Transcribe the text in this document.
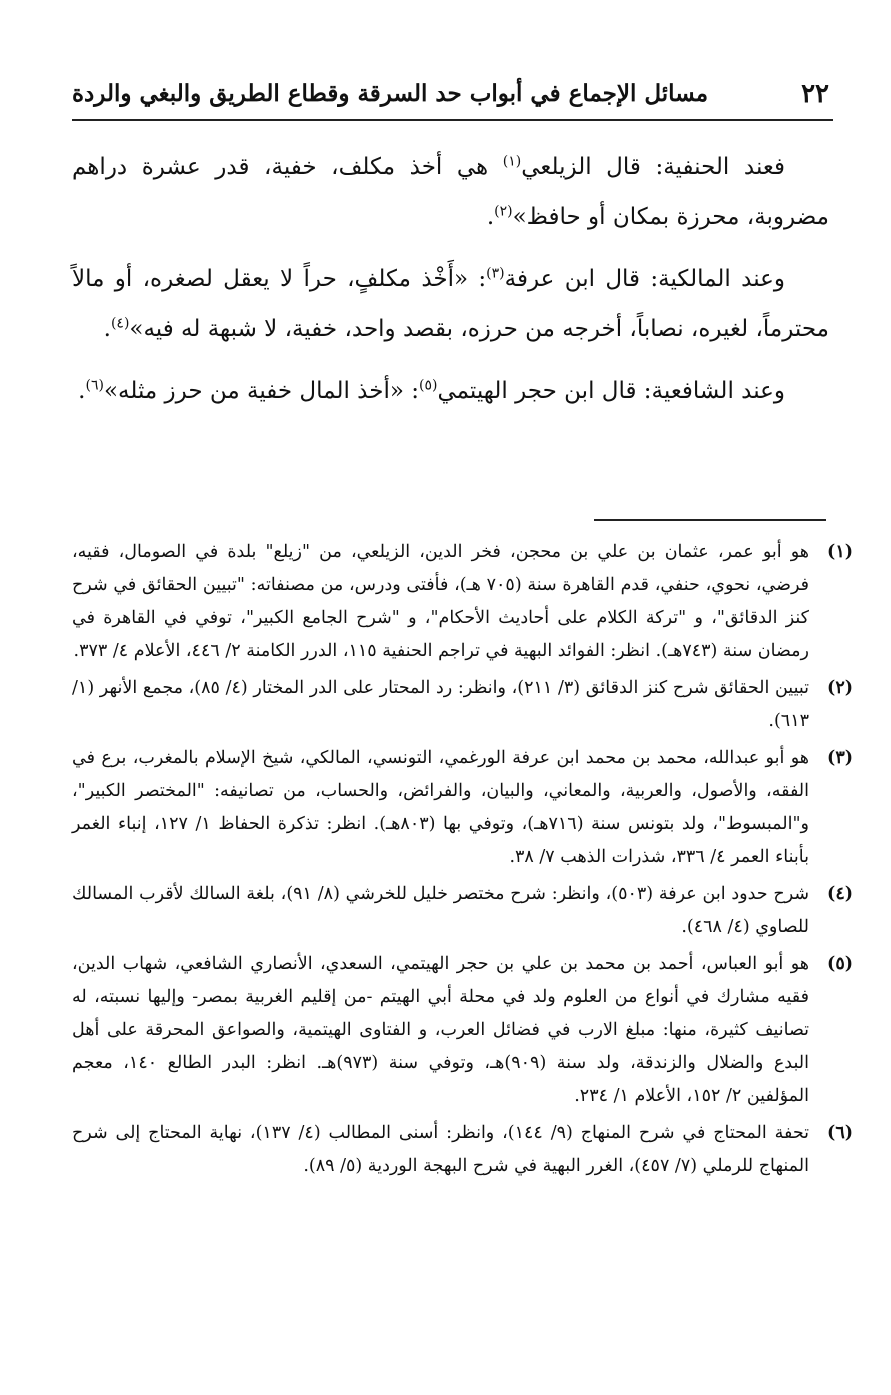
٢٢
مسائل الإجماع في أبواب حد السرقة وقطاع الطريق والبغي والردة

فعند الحنفية: قال الزيلعي$^{(١)}$ هي أخذ مكلف، خفية، قدر عشرة دراهم مضروبة، محرزة بمكان أو حافظ»$^{(٢)}$.

وعند المالكية: قال ابن عرفة$^{(٣)}$: «أَخْذ مكلفٍ، حراً لا يعقل لصغره، أو مالاً محترماً، لغيره، نصاباً، أخرجه من حرزه، بقصد واحد، خفية، لا شبهة له فيه»$^{(٤)}$.

وعند الشافعية: قال ابن حجر الهيتمي$^{(٥)}$: «أخذ المال خفية من حرز مثله»$^{(٦)}$.

(١)

هو أبو عمر، عثمان بن علي بن محجن، فخر الدين، الزيلعي، من "زيلع" بلدة في الصومال، فقيه، فرضي، نحوي، حنفي، قدم القاهرة سنة (٧٠٥ هـ)، فأفتى ودرس، من مصنفاته: "تبيين الحقائق في شرح كنز الدقائق"، و "تركة الكلام على أحاديث الأحكام"، و "شرح الجامع الكبير"، توفي في القاهرة في رمضان سنة (٧٤٣هـ). انظر: الفوائد البهية في تراجم الحنفية ١١٥، الدرر الكامنة ٢/ ٤٤٦، الأعلام ٤/ ٣٧٣.

(٢)

تبيين الحقائق شرح كنز الدقائق (٣/ ٢١١)، وانظر: رد المحتار على الدر المختار (٤/ ٨٥)، مجمع الأنهر (١/ ٦١٣).

(٣)

هو أبو عبدالله، محمد بن محمد ابن عرفة الورغمي، التونسي، المالكي، شيخ الإسلام بالمغرب، برع في الفقه، والأصول، والعربية، والمعاني، والبيان، والفرائض، والحساب، من تصانيفه: "المختصر الكبير"، و"المبسوط"، ولد بتونس سنة (٧١٦هـ)، وتوفي بها (٨٠٣هـ). انظر: تذكرة الحفاظ ١/ ١٢٧، إنباء الغمر بأبناء العمر ٤/ ٣٣٦، شذرات الذهب ٧/ ٣٨.

(٤)

شرح حدود ابن عرفة (٥٠٣)، وانظر: شرح مختصر خليل للخرشي (٨/ ٩١)، بلغة السالك لأقرب المسالك للصاوي (٤/ ٤٦٨).

(٥)

هو أبو العباس، أحمد بن محمد بن علي بن حجر الهيتمي، السعدي، الأنصاري الشافعي، شهاب الدين، فقيه مشارك في أنواع من العلوم ولد في محلة أبي الهيتم -من إقليم الغربية بمصر- وإليها نسبته، له تصانيف كثيرة، منها: مبلغ الارب في فضائل العرب، و الفتاوى الهيتمية، والصواعق المحرقة على أهل البدع والضلال والزندقة، ولد سنة (٩٠٩)هـ، وتوفي سنة (٩٧٣)هـ. انظر: البدر الطالع ١٤٠، معجم المؤلفين ٢/ ١٥٢، الأعلام ١/ ٢٣٤.

(٦)

تحفة المحتاج في شرح المنهاج (٩/ ١٤٤)، وانظر: أسنى المطالب (٤/ ١٣٧)، نهاية المحتاج إلى شرح المنهاج للرملي (٧/ ٤٥٧)، الغرر البهية في شرح البهجة الوردية (٥/ ٨٩).
